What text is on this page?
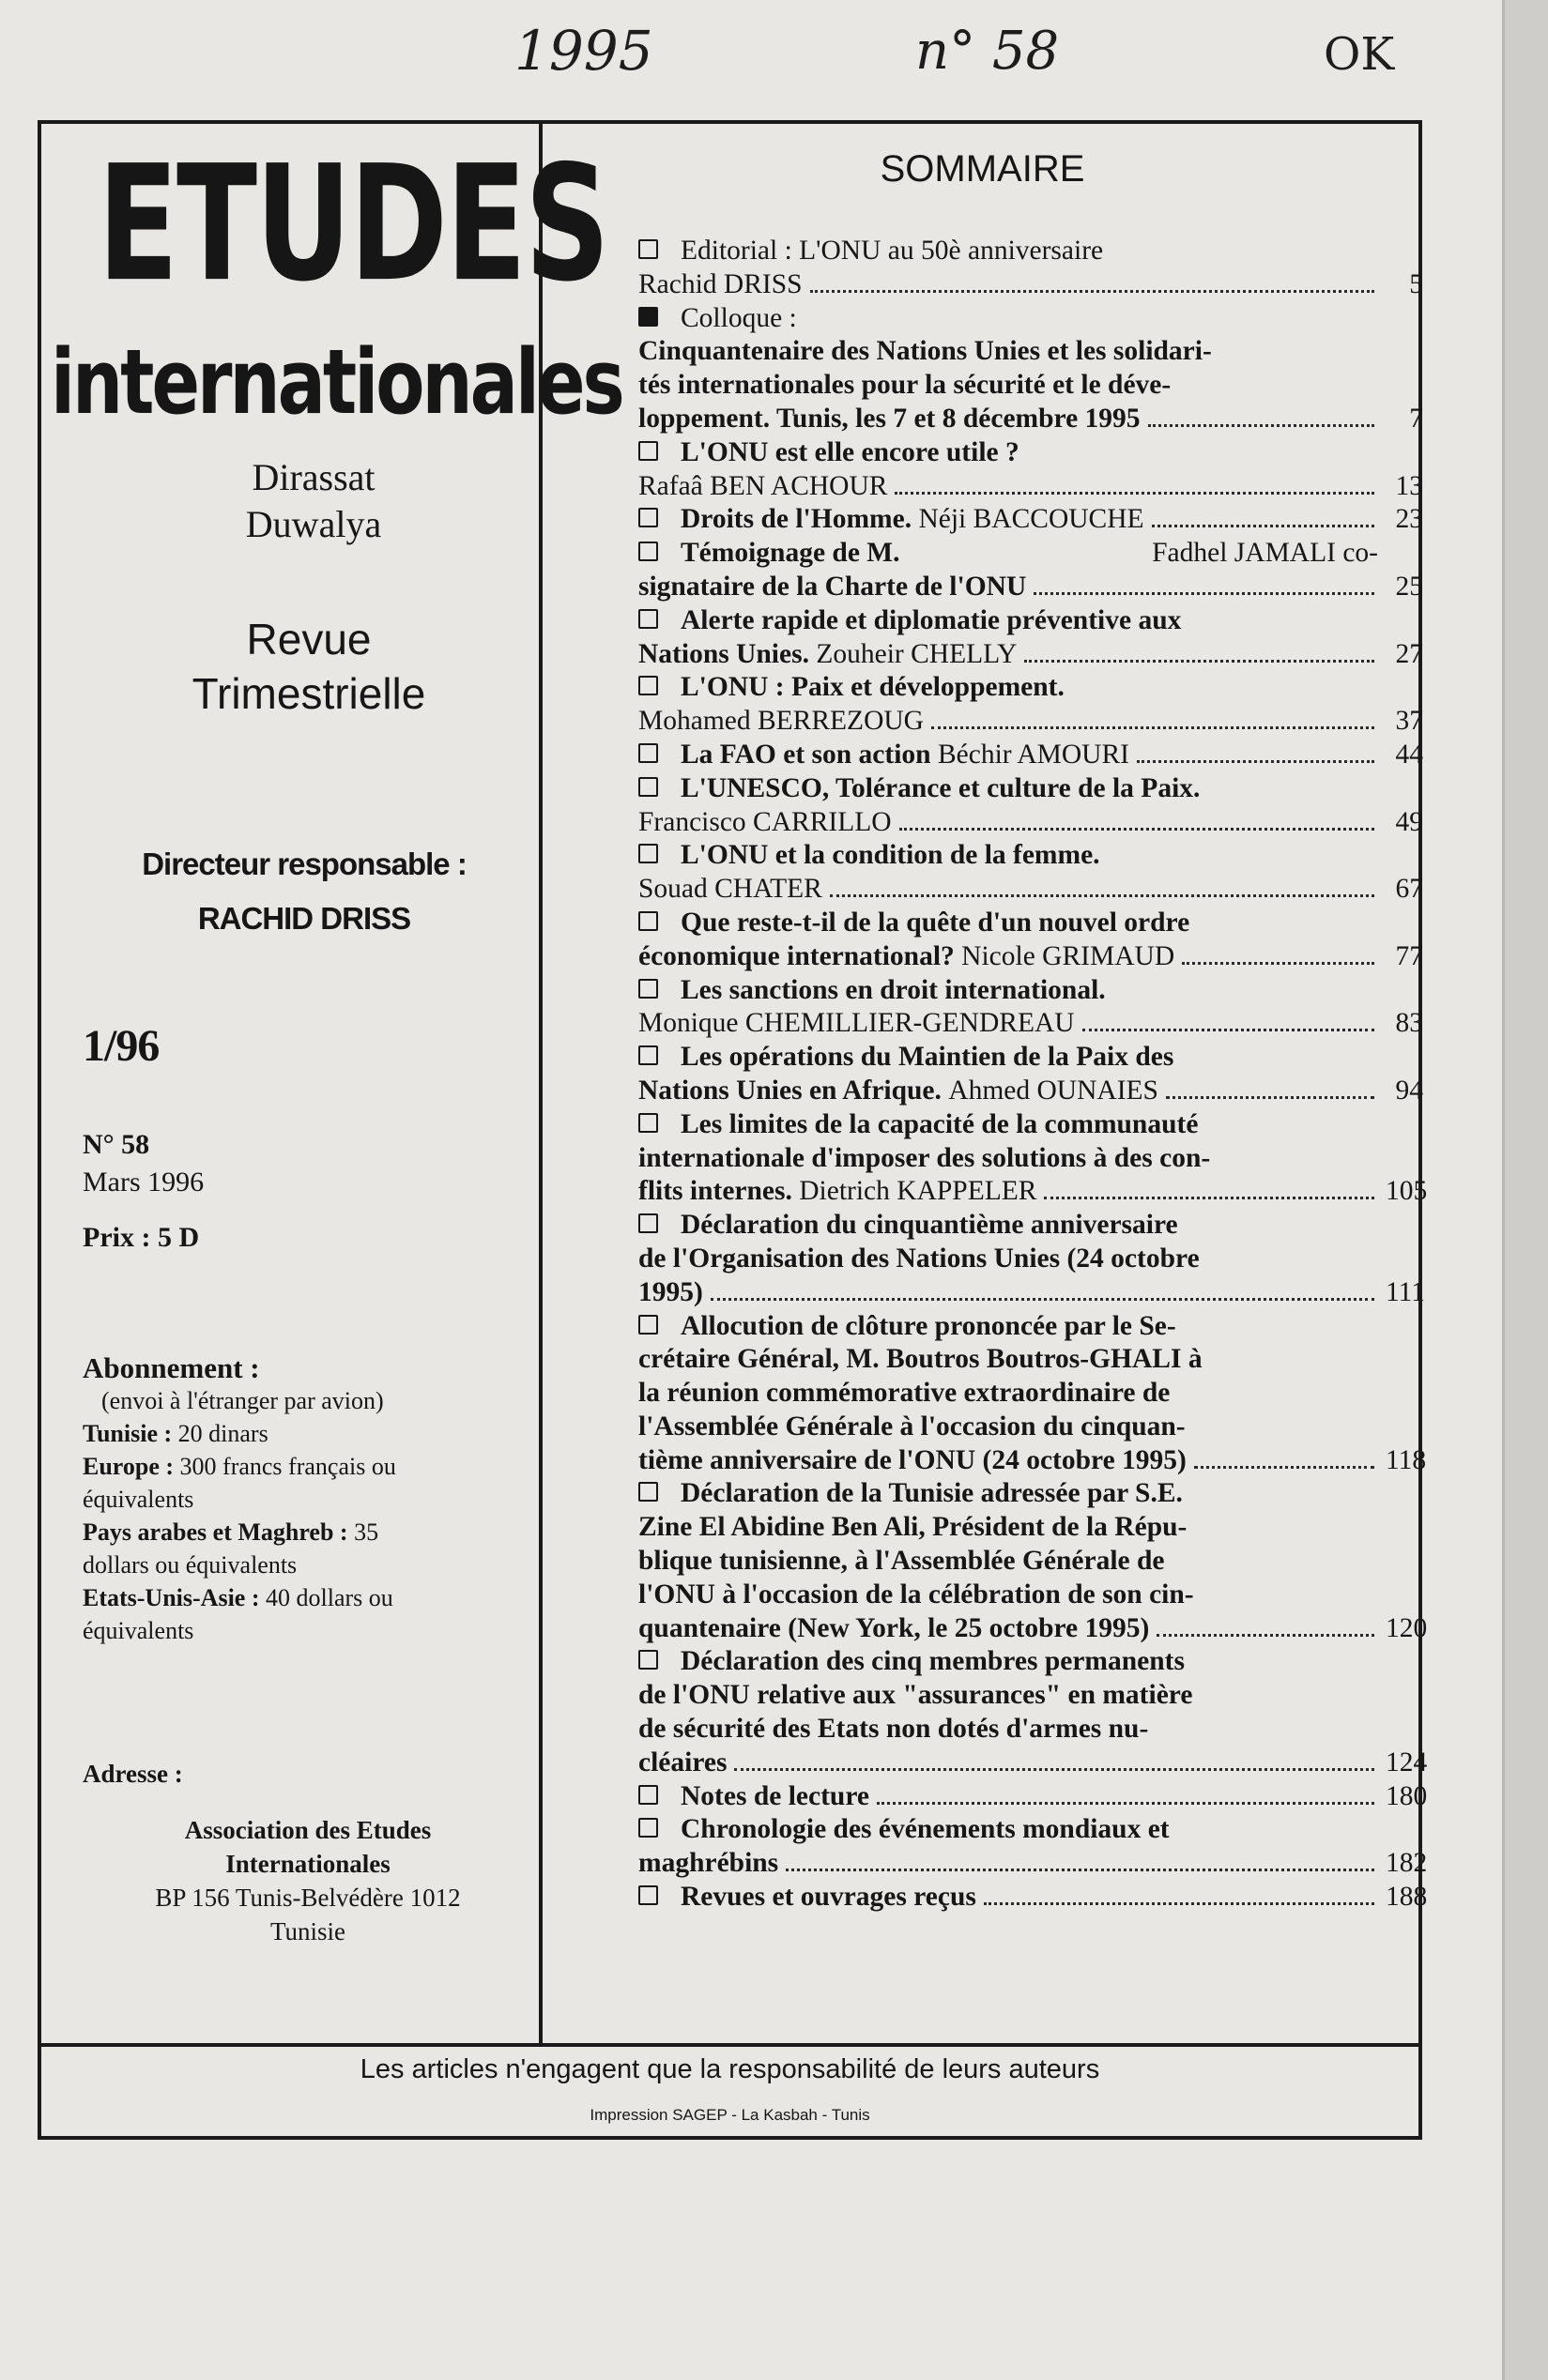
1995	n° 58	OK
ETUDES
internationales
Dirassat
Duwalya
Revue
Trimestrielle
Directeur responsable :
RACHID DRISS
1/96
N° 58
Mars 1996
Prix : 5 D
Abonnement :
(envoi à l'étranger par avion)
Tunisie : 20 dinars
Europe : 300 francs français ou
équivalents
Pays arabes et Maghreb : 35
dollars ou équivalents
Etats-Unis-Asie : 40 dollars ou
équivalents
Adresse :
Association des Etudes
Internationales
BP 156 Tunis-Belvédère 1012
Tunisie
SOMMAIRE
Editorial : L'ONU au 50è anniversaire
Rachid DRISS	5
Colloque :
Cinquantenaire des Nations Unies et les solidari-
tés internationales pour la sécurité et le déve-
loppement. Tunis, les 7 et 8 décembre 1995	7
L'ONU est elle encore utile ?
Rafaâ BEN ACHOUR	13
Droits de l'Homme.
Néji BACCOUCHE	23
Témoignage de M.	Fadhel JAMALI co-
signataire de la Charte de l'ONU	25
Alerte rapide et diplomatie préventive aux
Nations Unies.
Zouheir CHELLY	27
L'ONU : Paix et développement.
Mohamed BERREZOUG	37
La FAO et son action
Béchir AMOURI	44
L'UNESCO, Tolérance et culture de la Paix.
Francisco CARRILLO	49
L'ONU et la condition de la femme.
Souad CHATER	67
Que reste-t-il de la quête d'un nouvel ordre
économique international?
Nicole GRIMAUD	77
Les sanctions en droit international.
Monique CHEMILLIER-GENDREAU	83
Les opérations du Maintien de la Paix des
Nations Unies en Afrique.
Ahmed OUNAIES	94
Les limites de la capacité de la communauté
internationale d'imposer des solutions à des con-
flits internes.
Dietrich KAPPELER	105
Déclaration du cinquantième anniversaire
de l'Organisation des Nations Unies (24 octobre
1995)	111
Allocution de clôture prononcée par le Se-
crétaire Général, M. Boutros Boutros-GHALI à
la réunion commémorative extraordinaire de
l'Assemblée Générale à l'occasion du cinquan-
tième anniversaire de l'ONU (24 octobre 1995)	118
Déclaration de la Tunisie adressée par S.E.
Zine El Abidine Ben Ali, Président de la Répu-
blique tunisienne, à l'Assemblée Générale de
l'ONU à l'occasion de la célébration de son cin-
quantenaire (New York, le 25 octobre 1995)	120
Déclaration des cinq membres permanents
de l'ONU relative aux "assurances" en matière
de sécurité des Etats non dotés d'armes nu-
cléaires	124
Notes de lecture	180
Chronologie des événements mondiaux et
maghrébins	182
Revues et ouvrages reçus	188
Les articles n'engagent que la responsabilité de leurs auteurs
Impression SAGEP - La Kasbah - Tunis
